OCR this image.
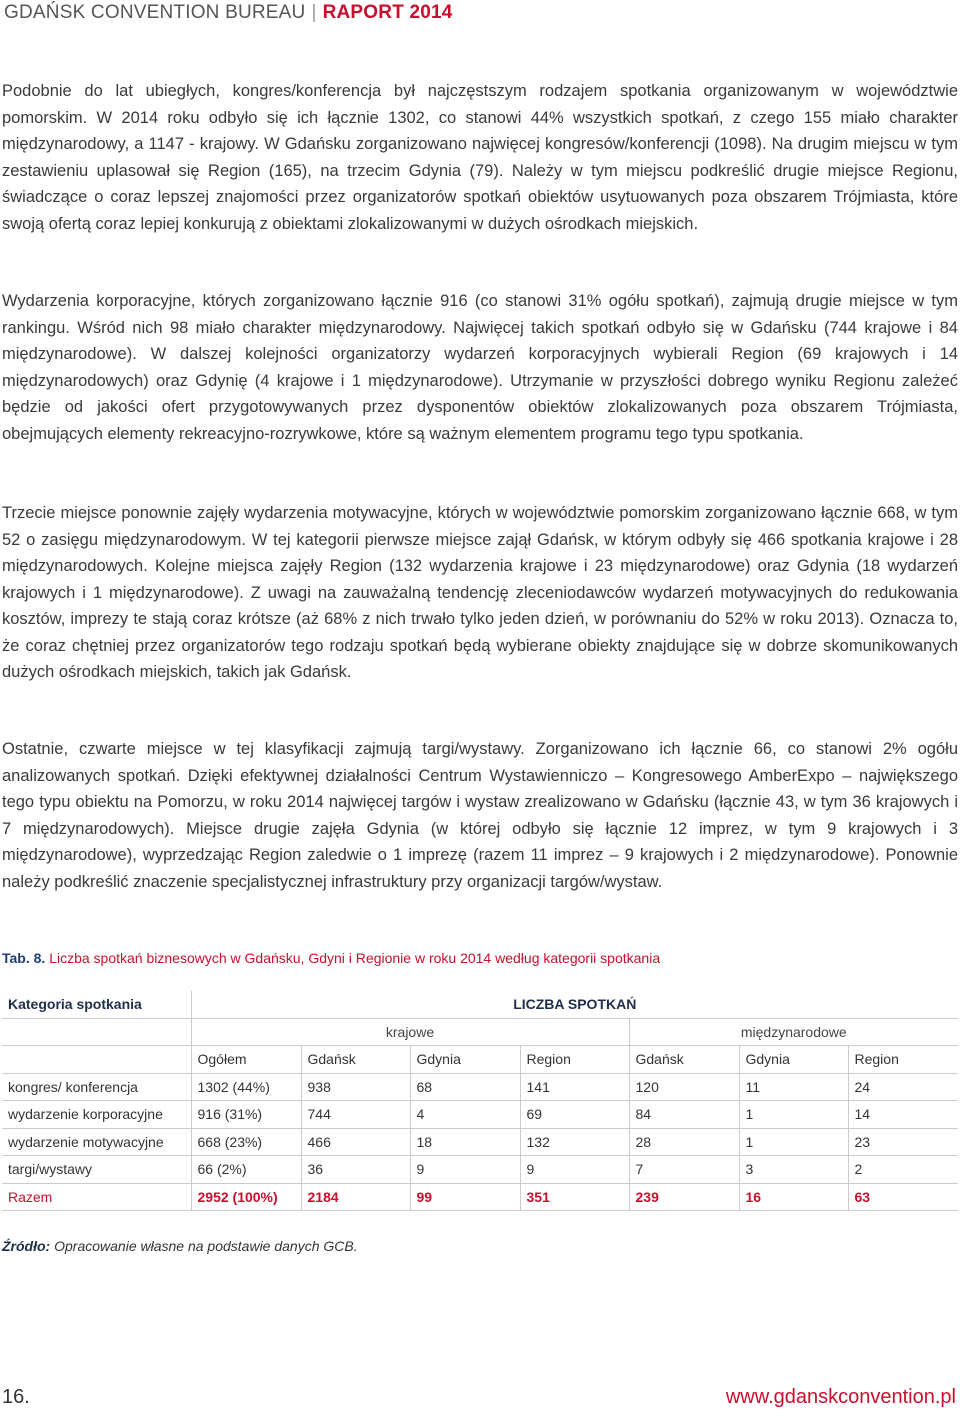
GDAŃSK CONVENTION BUREAU | RAPORT 2014

Podobnie do lat ubiegłych, kongres/konferencja był najczęstszym rodzajem spotkania organizowanym w województwie pomorskim. W 2014 roku odbyło się ich łącznie 1302, co stanowi 44% wszystkich spotkań, z czego 155 miało charakter międzynarodowy, a 1147 - krajowy. W Gdańsku zorganizowano najwięcej kongresów/konferencji (1098). Na drugim miejscu w tym zestawieniu uplasował się Region (165), na trzecim Gdynia (79). Należy w tym miejscu podkreślić drugie miejsce Regionu, świadczące o coraz lepszej znajomości przez organizatorów spotkań obiektów usytuowanych poza obszarem Trójmiasta, które swoją ofertą coraz lepiej konkurują z obiektami zlokalizowanymi w dużych ośrodkach miejskich.

Wydarzenia korporacyjne, których zorganizowano łącznie 916 (co stanowi 31% ogółu spotkań), zajmują drugie miejsce w tym rankingu. Wśród nich 98 miało charakter międzynarodowy. Najwięcej takich spotkań odbyło się w Gdańsku (744 krajowe i 84 międzynarodowe). W dalszej kolejności organizatorzy wydarzeń korporacyjnych wybierali Region (69 krajowych i 14 międzynarodowych) oraz Gdynię (4 krajowe i 1 międzynarodowe). Utrzymanie w przyszłości dobrego wyniku Regionu zależeć będzie od jakości ofert przygotowywanych przez dysponentów obiektów zlokalizowanych poza obszarem Trójmiasta, obejmujących elementy rekreacyjno-rozrywkowe, które są ważnym elementem programu tego typu spotkania.

Trzecie miejsce ponownie zajęły wydarzenia motywacyjne, których w województwie pomorskim zorganizowano łącznie 668, w tym 52 o zasięgu międzynarodowym. W tej kategorii pierwsze miejsce zajął Gdańsk, w którym odbyły się 466 spotkania krajowe i 28 międzynarodowych. Kolejne miejsca zajęły Region (132 wydarzenia krajowe i 23 międzynarodowe) oraz Gdynia (18 wydarzeń krajowych i 1 międzynarodowe). Z uwagi na zauważalną tendencję zleceniodawców wydarzeń motywacyjnych do redukowania kosztów, imprezy te stają coraz krótsze (aż 68% z nich trwało tylko jeden dzień, w porównaniu do 52% w roku 2013). Oznacza to, że coraz chętniej przez organizatorów tego rodzaju spotkań będą wybierane obiekty znajdujące się w dobrze skomunikowanych dużych ośrodkach miejskich, takich jak Gdańsk.

Ostatnie, czwarte miejsce w tej klasyfikacji zajmują targi/wystawy. Zorganizowano ich łącznie 66, co stanowi 2% ogółu analizowanych spotkań. Dzięki efektywnej działalności Centrum Wystawienniczo – Kongresowego AmberExpo – największego tego typu obiektu na Pomorzu, w roku 2014 najwięcej targów i wystaw zrealizowano w Gdańsku (łącznie 43, w tym 36 krajowych i 7 międzynarodowych). Miejsce drugie zajęła Gdynia (w której odbyło się łącznie 12 imprez, w tym 9 krajowych i 3 międzynarodowe), wyprzedzając Region zaledwie o 1 imprezę (razem 11 imprez – 9 krajowych i 2 międzynarodowe). Ponownie należy podkreślić znaczenie specjalistycznej infrastruktury przy organizacji targów/wystaw.

Tab. 8. Liczba spotkań biznesowych w Gdańsku, Gdyni i Regionie w roku 2014 według kategorii spotkania
Kategoria spotkania	LICZBA SPOTKAŃ						
	krajowe				międzynarodowe		
	Ogółem	Gdańsk	Gdynia	Region	Gdańsk	Gdynia	Region
kongres/ konferencja	1302 (44%)	938	68	141	120	11	24
wydarzenie korporacyjne	916 (31%)	744	4	69	84	1	14
wydarzenie motywacyjne	668 (23%)	466	18	132	28	1	23
targi/wystawy	66 (2%)	36	9	9	7	3	2
Razem	2952 (100%)	2184	99	351	239	16	63
Źródło: Opracowanie własne na podstawie danych GCB.
16.	www.gdanskconvention.pl
